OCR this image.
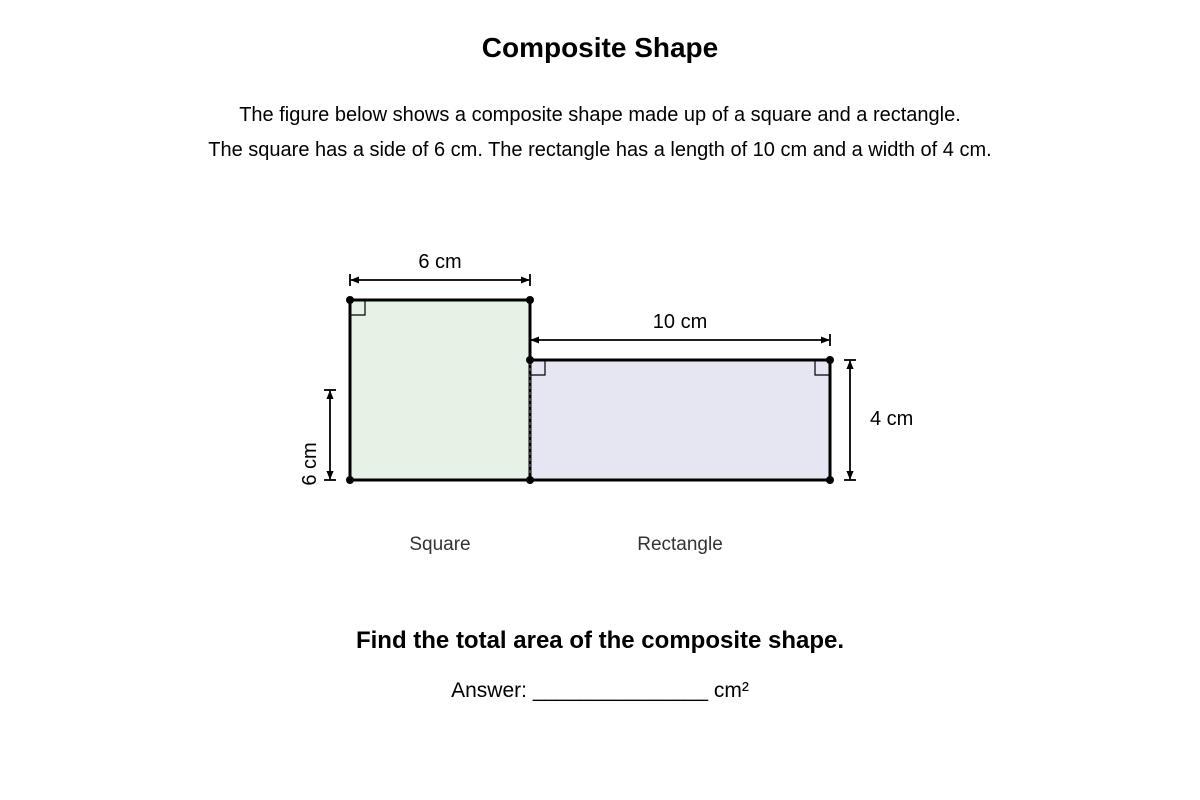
Composite Shape
The figure below shows a composite shape made up of a square and a rectangle.
The square has a side of 6 cm. The rectangle has a length of 10 cm and a width of 4 cm.
6 cm
10 cm
4 cm
6 cm
Square	Rectangle
Find the total area of the composite shape.
Answer: _______________ cm²
